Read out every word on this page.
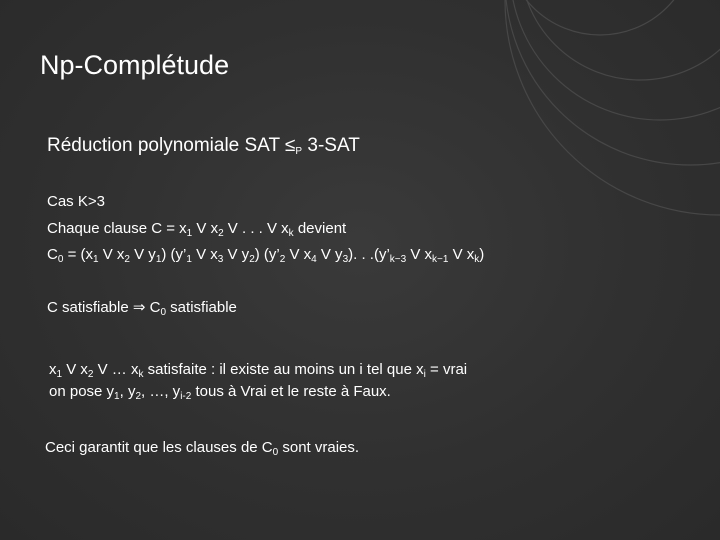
Np-Complétude
Réduction polynomiale SAT $\le_P$ 3-SAT
Cas K>3
Chaque clause $C = x_1$ V $x_2$ V . . . V $x_k$ devient
$C_0 = (x_1$ V $x_2$ V $y_1$) ($y’_1$ V $x_3$ V $y_2$) ($y’_2$ V $x_4$ V $y_3$). . $.(y’_{k-3}$ V $x_{k-1}$ V $x_k$)
C satisfiable ⇒ $C_0$ satisfiable
$x_1$ V $x_2$ V … $x_k$ satisfaite : il existe au moins un i tel que $x_i$ = vrai
on pose $y_1$, $y_2$, …, $y_{i-2}$ tous à Vrai et le reste à Faux.
Ceci garantit que les clauses de $C_0$ sont vraies.
